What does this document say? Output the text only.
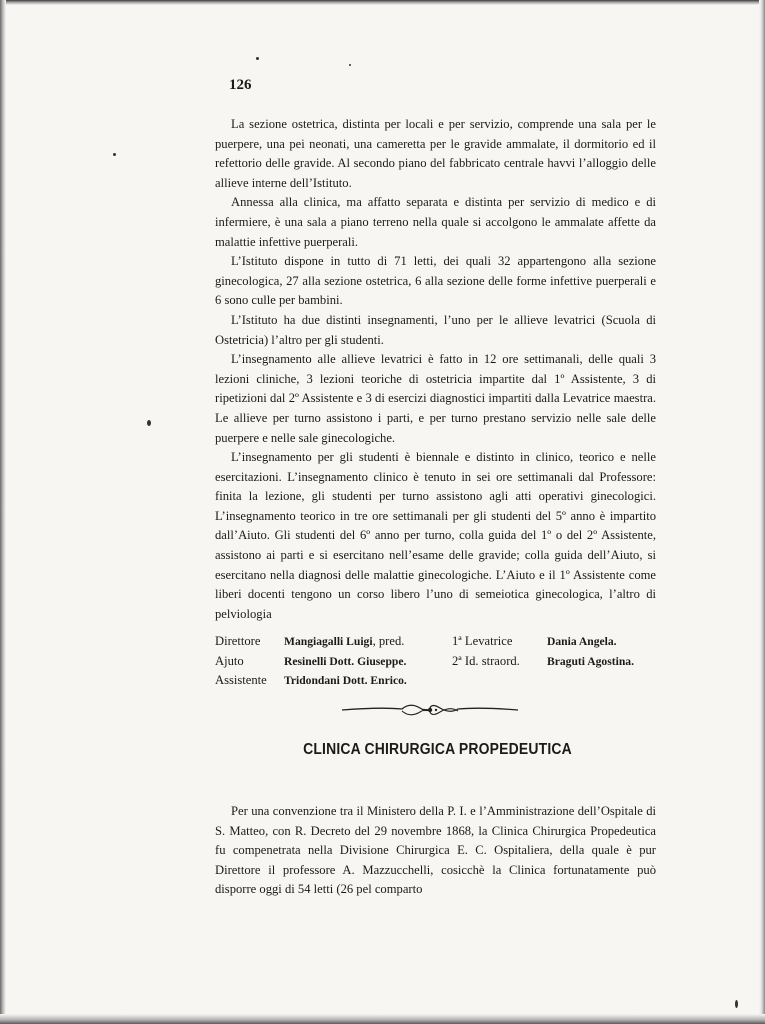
126

La sezione ostetrica, distinta per locali e per servizio, comprende una sala per le puerpere, una pei neonati, una cameretta per le gravide ammalate, il dormitorio ed il refettorio delle gravide. Al secondo piano del fabbricato centrale havvi l’alloggio delle allieve interne dell’Istituto.

Annessa alla clinica, ma affatto separata e distinta per servizio di medico e di infermiere, è una sala a piano terreno nella quale si accolgono le ammalate affette da malattie infettive puerperali.

L’Istituto dispone in tutto di 71 letti, dei quali 32 appartengono alla sezione ginecologica, 27 alla sezione ostetrica, 6 alla sezione delle forme infettive puerperali e 6 sono culle per bambini.

L’Istituto ha due distinti insegnamenti, l’uno per le allieve levatrici (Scuola di Ostetricia) l’altro per gli studenti.

L’insegnamento alle allieve levatrici è fatto in 12 ore settimanali, delle quali 3 lezioni cliniche, 3 lezioni teoriche di ostetricia impartite dal 1º Assistente, 3 di ripetizioni dal 2º Assistente e 3 di esercizi diagnostici impartiti dalla Levatrice maestra. Le allieve per turno assistono i parti, e per turno prestano servizio nelle sale delle puerpere e nelle sale ginecologiche.

L’insegnamento per gli studenti è biennale e distinto in clinico, teorico e nelle esercitazioni. L’insegnamento clinico è tenuto in sei ore settimanali dal Professore: finita la lezione, gli studenti per turno assistono agli atti operativi ginecologici. L’insegnamento teorico in tre ore settimanali per gli studenti del 5º anno è impartito dall’Aiuto. Gli studenti del 6º anno per turno, colla guida del 1º o del 2º Assistente, assistono ai parti e si esercitano nell’esame delle gravide; colla guida dell’Aiuto, si esercitano nella diagnosi delle malattie ginecologiche. L’Aiuto e il 1º Assistente come liberi docenti tengono un corso libero l’uno di semeiotica ginecologica, l’altro di pelviologia

Direttore Mangiagalli Luigi, pred.	1ª Levatrice	Dania Angela.
Ajuto	Resinelli Dott. Giuseppe.	2ª Id. straord. Braguti Agostina.
Assistente Tridondani Dott. Enrico.
CLINICA CHIRURGICA PROPEDEUTICA

Per una convenzione tra il Ministero della P. I. e l’Amministrazione dell’Ospitale di S. Matteo, con R. Decreto del 29 novembre 1868, la Clinica Chirurgica Propedeutica fu compenetrata nella Divisione Chirurgica E. C. Ospitaliera, della quale è pur Direttore il professore A. Mazzucchelli, cosicchè la Clinica fortunatamente può disporre oggi di 54 letti (26 pel comparto
